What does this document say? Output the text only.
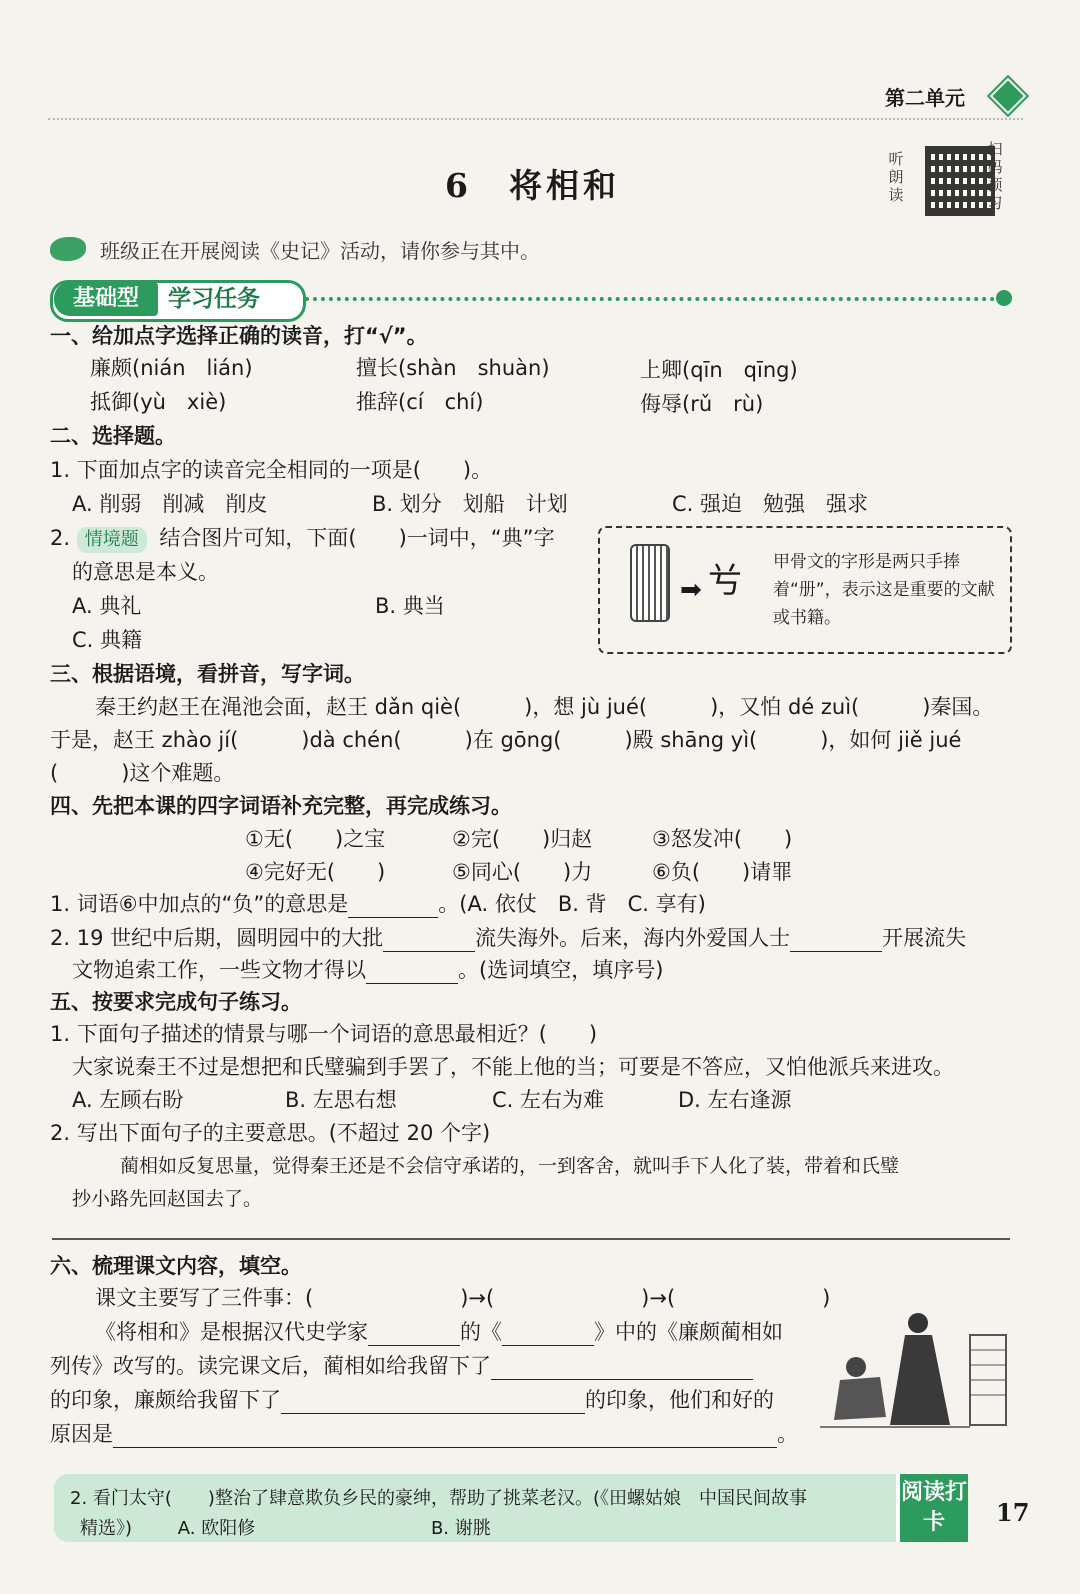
第二单元
6　将相和
听朗读
扫码预习
班级正在开展阅读《史记》活动，请你参与其中。
基础型	学习任务
一、给加点字选择正确的读音，打“√”。
廉颇(nián　lián)	擅长(shàn　shuàn)	上卿(qīn　qīng)
抵御(yù　xiè)	推辞(cí　chí)	侮辱(rǔ　rù)
二、选择题。
1. 下面加点字的读音完全相同的一项是(　　)。
A. 削弱　削减　削皮	B. 划分　划船　计划	C. 强迫　勉强　强求
2. 情境题 结合图片可知，下面(　　)一词中，“典”字
的意思是本义。
A. 典礼	B. 典当
C. 典籍
➡ 𠔃 甲骨文的字形是两只手捧着“册”，表示这是重要的文献或书籍。
三、根据语境，看拼音，写字词。
秦王约赵王在渑池会面，赵王 dǎn qiè(　　　)，想 jù jué(　　　)，又怕 dé zuì(　　　)秦国。
于是，赵王 zhào jí(　　　)dà chén(　　　)在 gōng(　　　)殿 shāng yì(　　　)，如何 jiě jué
(　　　)这个难题。
四、先把本课的四字词语补充完整，再完成练习。
①无(　　)之宝	②完(　　)归赵	③怒发冲(　　)
④完好无(　　)	⑤同心(　　)力	⑥负(　　)请罪
1. 词语⑥中加点的“负”的意思是	。(A. 依仗　B. 背　C. 享有)
2. 19 世纪中后期，圆明园中的大批	流失海外。后来，海内外爱国人士	开展流失
文物追索工作，一些文物才得以	。(选词填空，填序号)
五、按要求完成句子练习。
1. 下面句子描述的情景与哪一个词语的意思最相近？(　　)
大家说秦王不过是想把和氏璧骗到手罢了，不能上他的当；可要是不答应，又怕他派兵来进攻。
A. 左顾右盼	B. 左思右想	C. 左右为难	D. 左右逢源
2. 写出下面句子的主要意思。(不超过 20 个字)
蔺相如反复思量，觉得秦王还是不会信守承诺的，一到客舍，就叫手下人化了装，带着和氏璧
抄小路先回赵国去了。
六、梳理课文内容，填空。
课文主要写了三件事：(　　　　　　　)→(　　　　　　　)→(　　　　　　　)
《将相和》是根据汉代史学家	的《	》中的《廉颇蔺相如
列传》改写的。读完课文后，蔺相如给我留下了
的印象，廉颇给我留下了	的印象，他们和好的
原因是	。
2. 看门太守(　　)整治了肆意欺负乡民的豪绅，帮助了挑菜老汉。(《田螺姑娘　中国民间故事
精选》)	A. 欧阳修	B. 谢朓
阅读打卡	17
